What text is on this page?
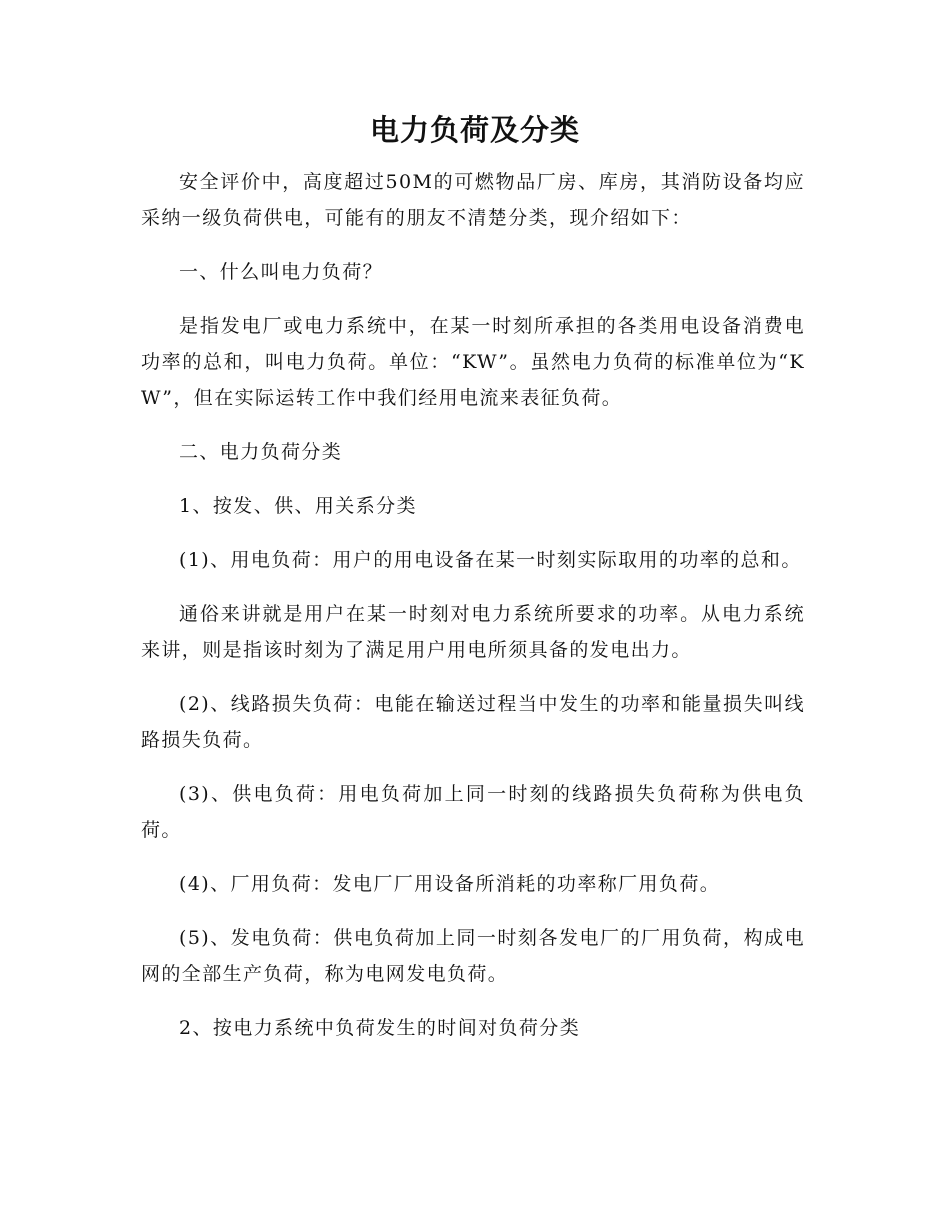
电力负荷及分类

安全评价中，高度超过50M的可燃物品厂房、库房，其消防设备均应采纳一级负荷供电，可能有的朋友不清楚分类，现介绍如下：

一、什么叫电力负荷？

是指发电厂或电力系统中，在某一时刻所承担的各类用电设备消费电功率的总和，叫电力负荷。单位：“KW”。虽然电力负荷的标准单位为“KW”，但在实际运转工作中我们经用电流来表征负荷。

二、电力负荷分类

1、按发、供、用关系分类

(1)、用电负荷：用户的用电设备在某一时刻实际取用的功率的总和。

通俗来讲就是用户在某一时刻对电力系统所要求的功率。从电力系统来讲，则是指该时刻为了满足用户用电所须具备的发电出力。

(2)、线路损失负荷：电能在输送过程当中发生的功率和能量损失叫线路损失负荷。

(3)、供电负荷：用电负荷加上同一时刻的线路损失负荷称为供电负荷。

(4)、厂用负荷：发电厂厂用设备所消耗的功率称厂用负荷。

(5)、发电负荷：供电负荷加上同一时刻各发电厂的厂用负荷，构成电网的全部生产负荷，称为电网发电负荷。

2、按电力系统中负荷发生的时间对负荷分类
